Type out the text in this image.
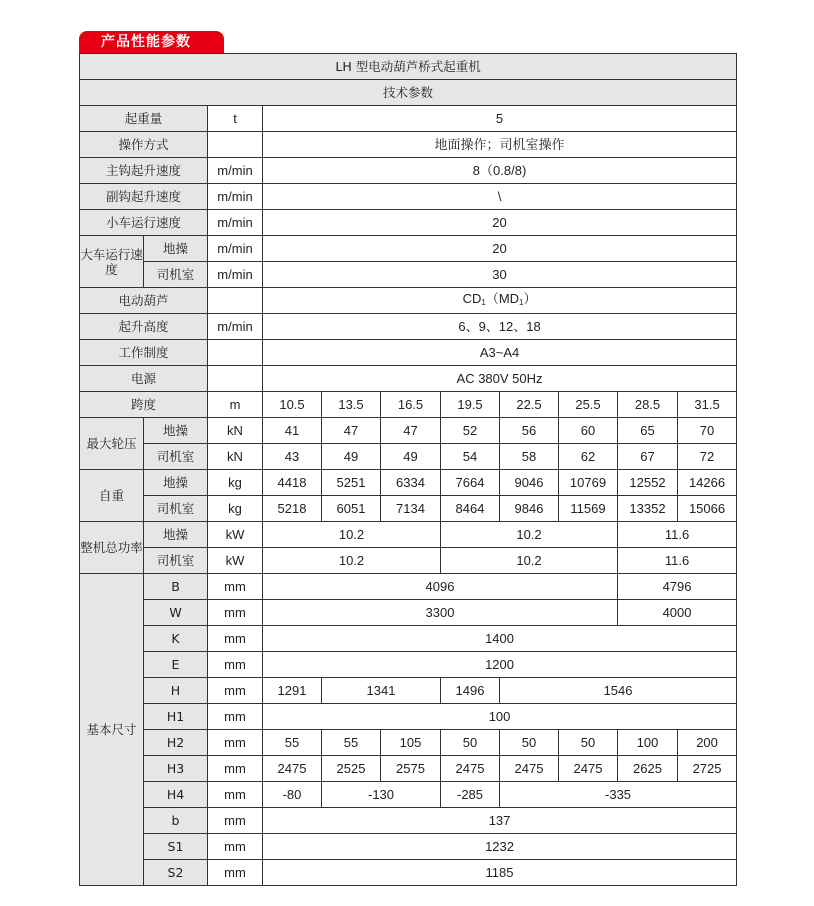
产品性能参数
LH 型电动葫芦桥式起重机										
技术参数										
起重量		t	5							
操作方式			地面操作；司机室操作							
主钩起升速度		m/min	8（0.8/8)							
副钩起升速度		m/min	\							
小车运行速度		m/min	20							
大车运行速度	地操	m/min	20							
	司机室	m/min	30							
电动葫芦			$CD_1(MD_1)$							
起升高度		m/min	6、9、12、18							
工作制度			A3~A4							
电源			AC 380V 50Hz							
跨度		m	10.5	13.5	16.5	19.5	22.5	25.5	28.5	31.5
最大轮压	地操	kN	41	47	47	52	56	60	65	70
	司机室	kN	43	49	49	54	58	62	67	72
自重	地操	kg	4418	5251	6334	7664	9046	10769	12552	14266
	司机室	kg	5218	6051	7134	8464	9846	11569	13352	15066
整机总功率	地操	kW	10.2			10.2			11.6	
	司机室	kW	10.2			10.2			11.6	
基本尺寸	B	mm	4096						4796	
	W	mm	3300						4000	
	K	mm	1400							
	E	mm	1200							
	H	mm	1291	1341		1496	1546			
	H1	mm	100							
	H2	mm	55	55	105	50	50	50	100	200
	H3	mm	2475	2525	2575	2475	2475	2475	2625	2725
	H4	mm	-80	-130		-285	-335			
	b	mm	137							
	S1	mm	1232							
	S2	mm	1185							
